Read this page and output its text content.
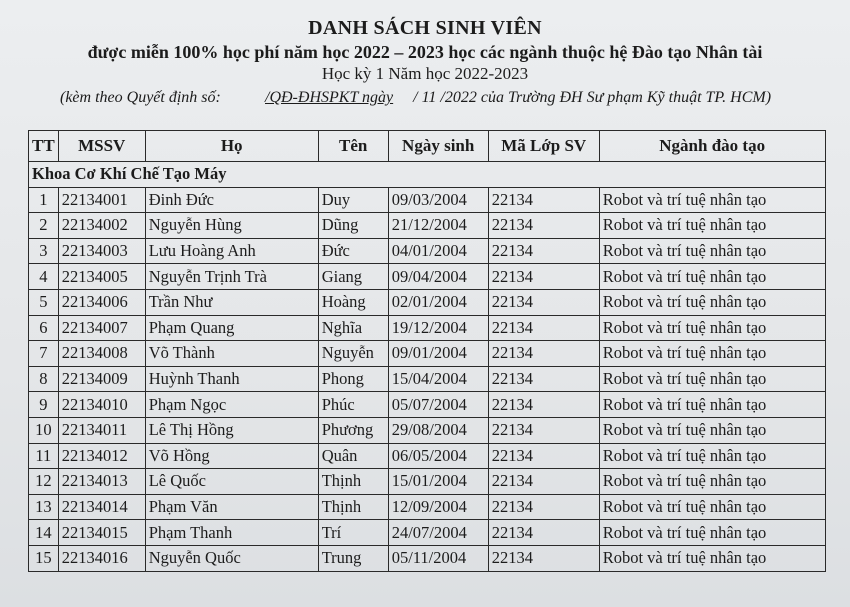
DANH SÁCH SINH VIÊN
được miễn 100% học phí năm học 2022 – 2023 học các ngành thuộc hệ Đào tạo Nhân tài
Học kỳ 1 Năm học 2022-2023
(kèm theo Quyết định số:	/QĐ-ĐHSPKT ngày / 11 /2022 của Trường ĐH Sư phạm Kỹ thuật TP. HCM)
TT	MSSV	Họ	Tên	Ngày sinh	Mã Lớp SV	Ngành đào tạo
Khoa Cơ Khí Chế Tạo Máy						
1	22134001	Đinh Đức	Duy	09/03/2004	22134	Robot và trí tuệ nhân tạo
2	22134002	Nguyễn Hùng	Dũng	21/12/2004	22134	Robot và trí tuệ nhân tạo
3	22134003	Lưu Hoàng Anh	Đức	04/01/2004	22134	Robot và trí tuệ nhân tạo
4	22134005	Nguyễn Trịnh Trà	Giang	09/04/2004	22134	Robot và trí tuệ nhân tạo
5	22134006	Trần Như	Hoàng	02/01/2004	22134	Robot và trí tuệ nhân tạo
6	22134007	Phạm Quang	Nghĩa	19/12/2004	22134	Robot và trí tuệ nhân tạo
7	22134008	Võ Thành	Nguyễn	09/01/2004	22134	Robot và trí tuệ nhân tạo
8	22134009	Huỳnh Thanh	Phong	15/04/2004	22134	Robot và trí tuệ nhân tạo
9	22134010	Phạm Ngọc	Phúc	05/07/2004	22134	Robot và trí tuệ nhân tạo
10	22134011	Lê Thị Hồng	Phương	29/08/2004	22134	Robot và trí tuệ nhân tạo
11	22134012	Võ Hồng	Quân	06/05/2004	22134	Robot và trí tuệ nhân tạo
12	22134013	Lê Quốc	Thịnh	15/01/2004	22134	Robot và trí tuệ nhân tạo
13	22134014	Phạm Văn	Thịnh	12/09/2004	22134	Robot và trí tuệ nhân tạo
14	22134015	Phạm Thanh	Trí	24/07/2004	22134	Robot và trí tuệ nhân tạo
15	22134016	Nguyễn Quốc	Trung	05/11/2004	22134	Robot và trí tuệ nhân tạo
